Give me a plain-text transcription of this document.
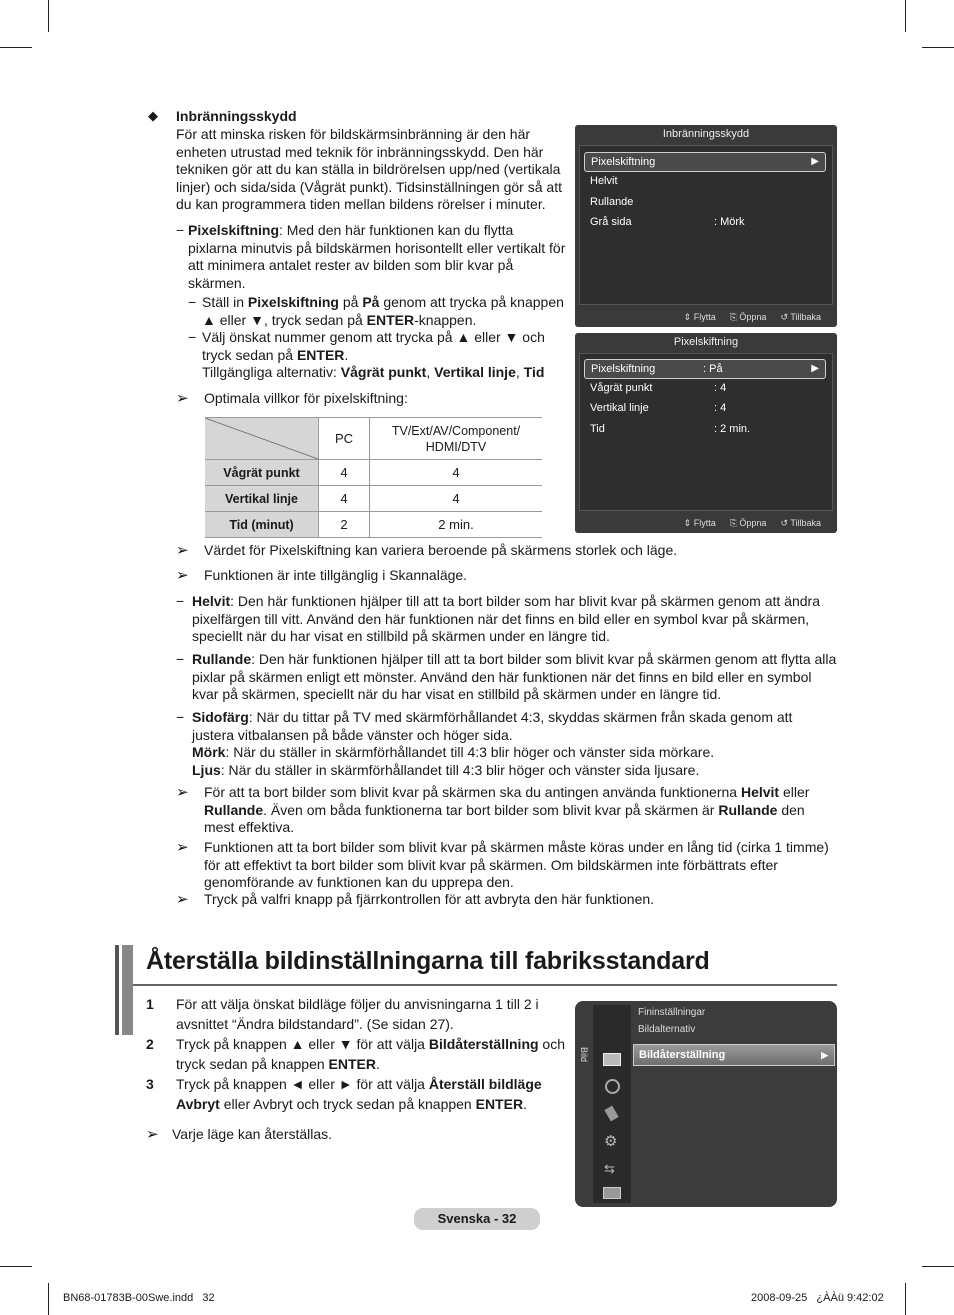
◆ Inbränningsskydd
För att minska risken för bildskärmsinbränning är den här enheten utrustad med teknik för inbränningsskydd. Den här tekniken gör att du kan ställa in bildrörelsen upp/ned (vertikala linjer) och sida/sida (Vågrät punkt). Tidsinställningen gör så att du kan programmera tiden mellan bildens rörelser i minuter.
− Pixelskiftning: Med den här funktionen kan du flytta pixlarna minutvis på bildskärmen horisontellt eller vertikalt för att minimera antalet rester av bilden som blir kvar på skärmen.
− Ställ in Pixelskiftning på På genom att trycka på knappen ▲ eller ▼, tryck sedan på ENTER-knappen.
− Välj önskat nummer genom att trycka på ▲ eller ▼ och tryck sedan på ENTER.
Tillgängliga alternativ: Vågrät punkt, Vertikal linje, Tid
➢ Optimala villkor för pixelskiftning:
	PC	TV/Ext/AV/Component/ HDMI/DTV
Vågrät punkt	4	4
Vertikal linje	4	4
Tid (minut)	2	2 min.
Inbränningsskydd
Pixelskiftning	▶
Helvit
Rullande
Grå sida	: Mörk
⇕ Flytta ⎘ Öppna ↺ Tillbaka
Pixelskiftning
Pixelskiftning	: På	▶
Vågrät punkt	: 4
Vertikal linje	: 4
Tid	: 2 min.
⇕ Flytta ⎘ Öppna ↺ Tillbaka
➢ Värdet för Pixelskiftning kan variera beroende på skärmens storlek och läge.
➢ Funktionen är inte tillgänglig i Skannaläge.
− Helvit: Den här funktionen hjälper till att ta bort bilder som har blivit kvar på skärmen genom att ändra pixelfärgen till vitt. Använd den här funktionen när det finns en bild eller en symbol kvar på skärmen, speciellt när du har visat en stillbild på skärmen under en längre tid.
− Rullande: Den här funktionen hjälper till att ta bort bilder som blivit kvar på skärmen genom att flytta alla pixlar på skärmen enligt ett mönster. Använd den här funktionen när det finns en bild eller en symbol kvar på skärmen, speciellt när du har visat en stillbild på skärmen under en längre tid.
− Sidofärg: När du tittar på TV med skärmförhållandet 4:3, skyddas skärmen från skada genom att justera vitbalansen på både vänster och höger sida.
Mörk: När du ställer in skärmförhållandet till 4:3 blir höger och vänster sida mörkare.
Ljus: När du ställer in skärmförhållandet till 4:3 blir höger och vänster sida ljusare.
➢	För att ta bort bilder som blivit kvar på skärmen ska du antingen använda funktionerna Helvit eller Rullande. Även om båda funktionerna tar bort bilder som blivit kvar på skärmen är Rullande den mest effektiva.
➢	Funktionen att ta bort bilder som blivit kvar på skärmen måste köras under en lång tid (cirka 1 timme) för att effektivt ta bort bilder som blivit kvar på skärmen. Om bildskärmen inte förbättrats efter genomförande av funktionen kan du upprepa den.
➢ Tryck på valfri knapp på fjärrkontrollen för att avbryta den här funktionen.
Återställa bildinställningarna till fabriksstandard
1 För att välja önskat bildläge följer du anvisningarna 1 till 2 i avsnittet “Ändra bildstandard”. (Se sidan 27).
2 Tryck på knappen ▲ eller ▼ för att välja Bildåterställning och tryck sedan på knappen ENTER.
3 Tryck på knappen ◄ eller ► för att välja Återställ bildläge Avbryt eller Avbryt och tryck sedan på knappen ENTER.
➢ Varje läge kan återställas.
Bild
⚙
⇆
Fininställningar
Bildalternativ
Bildåterställning	▶
Svenska - 32
BN68-01783B-00Swe.indd   32	2008-09-25   ¿ÀÀü 9:42:02
